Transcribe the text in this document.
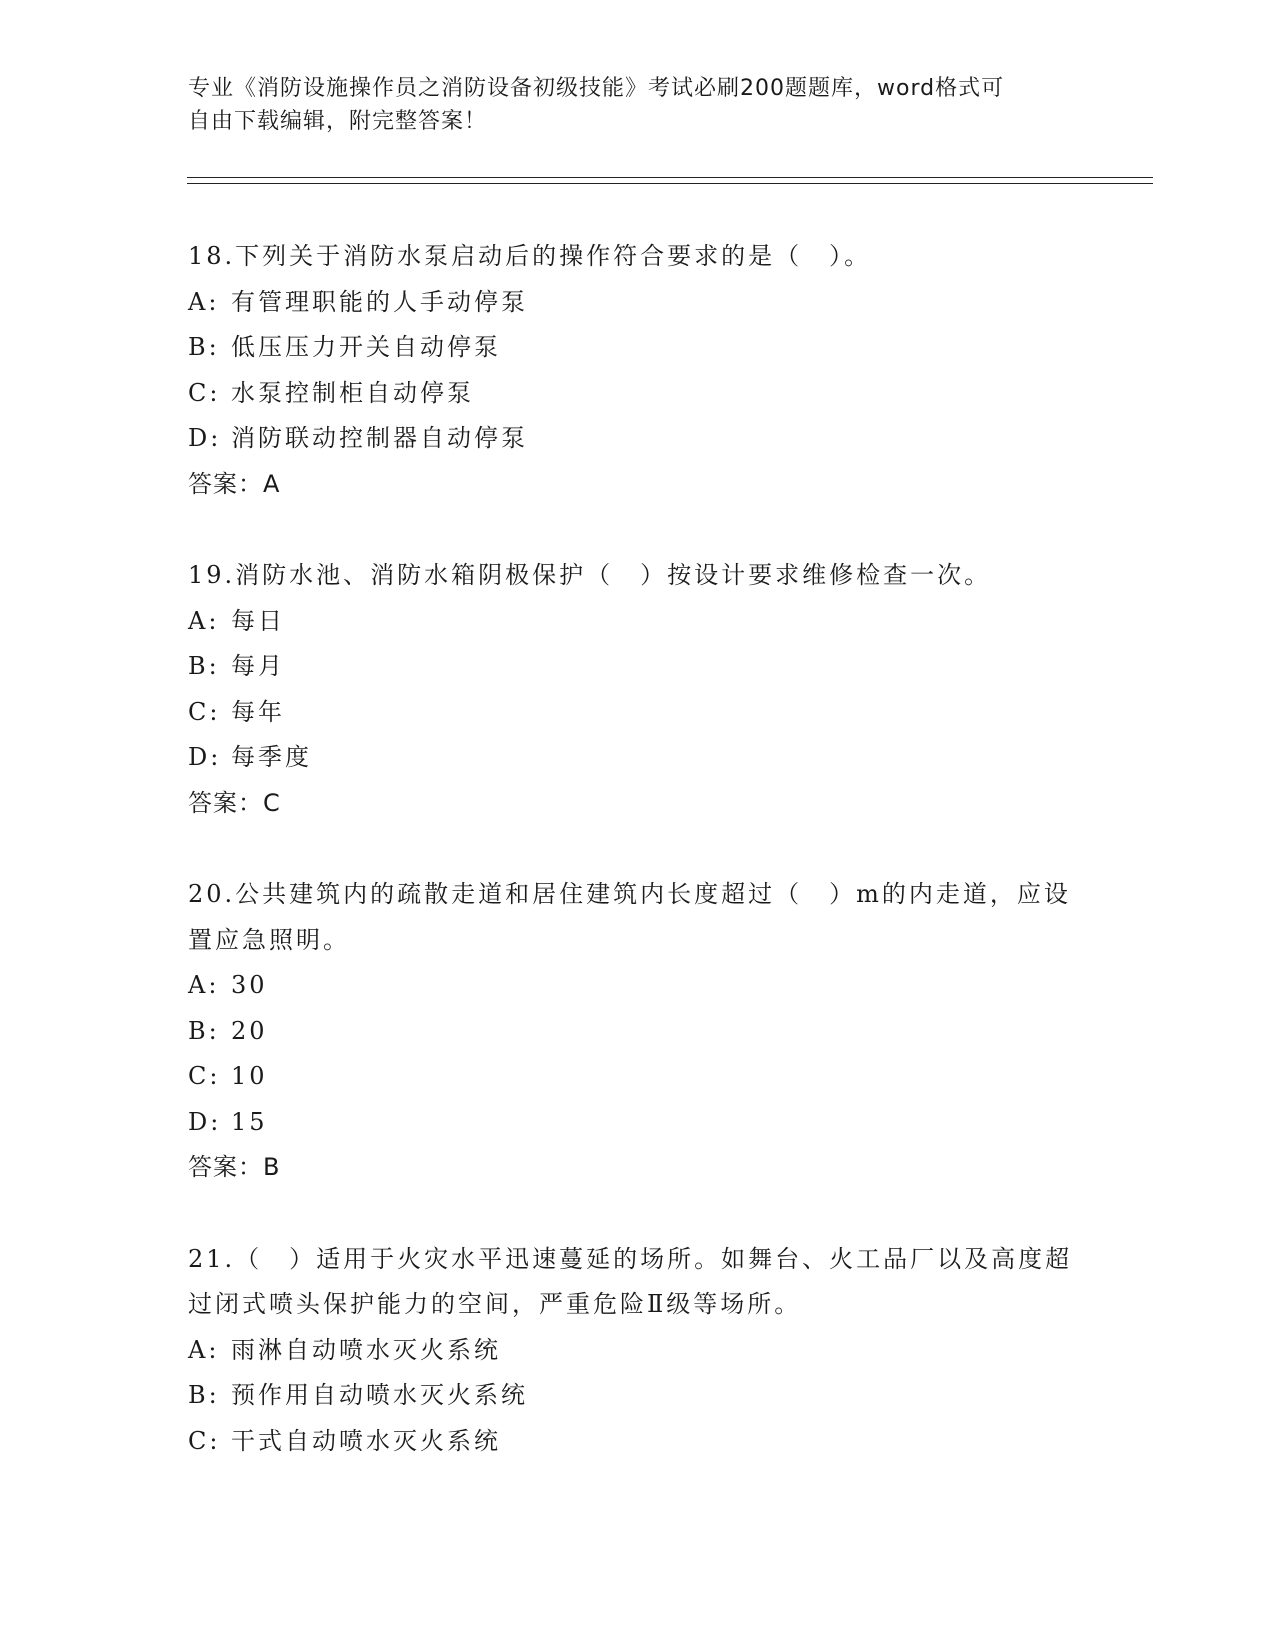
专业《消防设施操作员之消防设备初级技能》考试必刷200题题库，word格式可
自由下载编辑，附完整答案！
18.下列关于消防水泵启动后的操作符合要求的是（　）。
A: 有管理职能的人手动停泵
B: 低压压力开关自动停泵
C: 水泵控制柜自动停泵
D: 消防联动控制器自动停泵
答案：A
19.消防水池、消防水箱阴极保护（　）按设计要求维修检查一次。
A: 每日
B: 每月
C: 每年
D: 每季度
答案：C
20.公共建筑内的疏散走道和居住建筑内长度超过（　）m的内走道，应设置应急照明。
A: 30
B: 20
C: 10
D: 15
答案：B
21.（　）适用于火灾水平迅速蔓延的场所。如舞台、火工品厂以及高度超过闭式喷头保护能力的空间，严重危险Ⅱ级等场所。
A: 雨淋自动喷水灭火系统
B: 预作用自动喷水灭火系统
C: 干式自动喷水灭火系统
